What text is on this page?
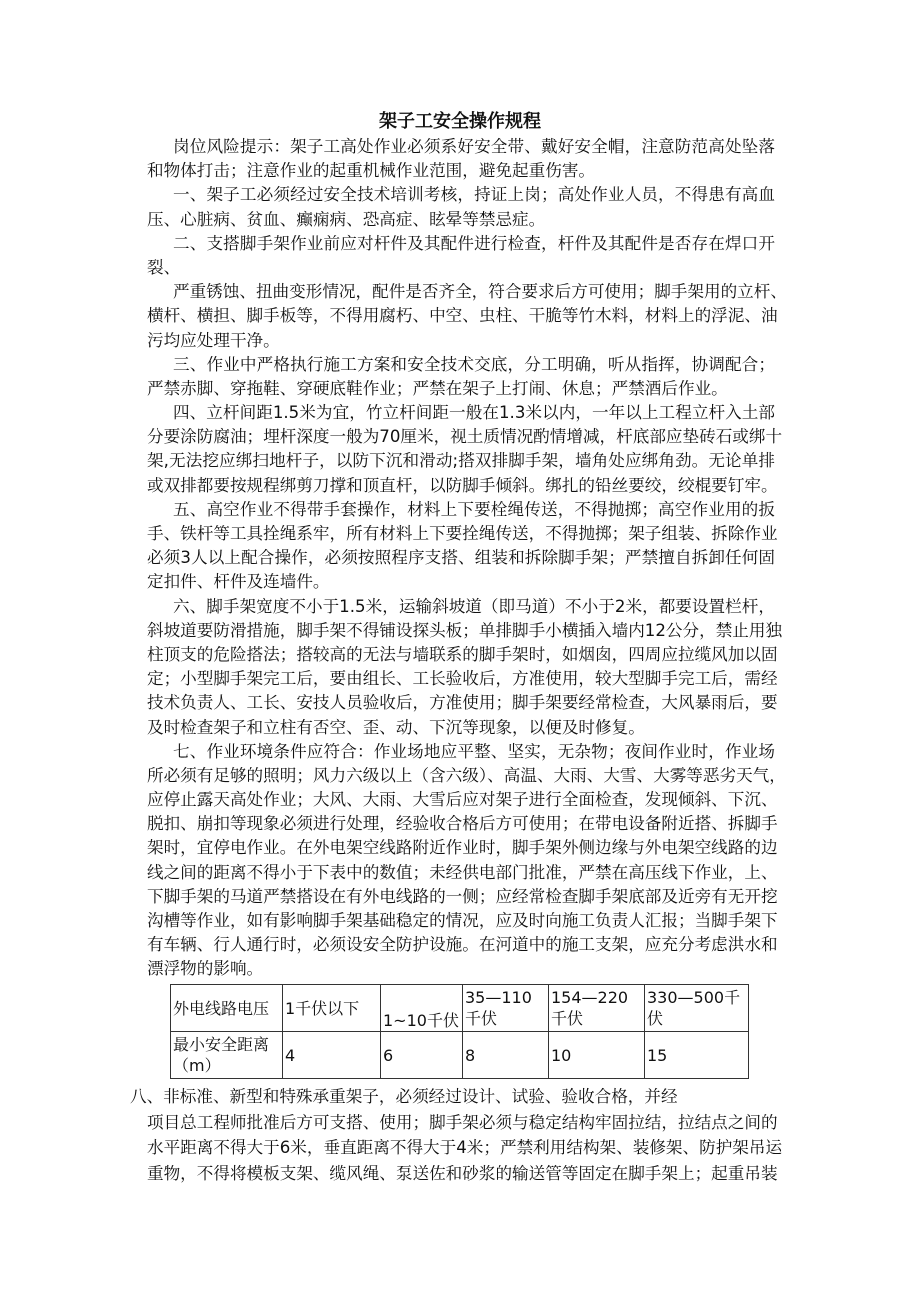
架子工安全操作规程
岗位风险提示：架子工高处作业必须系好安全带、戴好安全帽，注意防范高处坠落
和物体打击；注意作业的起重机械作业范围，避免起重伤害。
一、架子工必须经过安全技术培训考核，持证上岗；高处作业人员，不得患有高血
压、心脏病、贫血、癫痫病、恐高症、眩晕等禁忌症。
二、支搭脚手架作业前应对杆件及其配件进行检查，杆件及其配件是否存在焊口开
裂、
严重锈蚀、扭曲变形情况，配件是否齐全，符合要求后方可使用；脚手架用的立杆、
横杆、横担、脚手板等，不得用腐朽、中空、虫柱、干脆等竹木料，材料上的浮泥、油
污均应处理干净。
三、作业中严格执行施工方案和安全技术交底，分工明确，听从指挥，协调配合；
严禁赤脚、穿拖鞋、穿硬底鞋作业；严禁在架子上打闹、休息；严禁酒后作业。
四、立杆间距1.5米为宜，竹立杆间距一般在1.3米以内，一年以上工程立杆入土部
分要涂防腐油；埋杆深度一般为70厘米，视土质情况酌情增减，杆底部应垫砖石或绑十
架,无法挖应绑扫地杆子，以防下沉和滑动;搭双排脚手架，墙角处应绑角劲。无论单排
或双排都要按规程绑剪刀撑和顶直杆，以防脚手倾斜。绑扎的铅丝要绞，绞棍要钉牢。
五、高空作业不得带手套操作，材料上下要栓绳传送，不得抛掷；高空作业用的扳
手、铁杆等工具拴绳系牢，所有材料上下要拴绳传送，不得抛掷；架子组装、拆除作业
必须3人以上配合操作，必须按照程序支搭、组装和拆除脚手架；严禁擅自拆卸任何固
定扣件、杆件及连墙件。
六、脚手架宽度不小于1.5米，运输斜坡道（即马道）不小于2米，都要设置栏杆，
斜坡道要防滑措施，脚手架不得铺设探头板；单排脚手小横插入墙内12公分，禁止用独
柱顶支的危险搭法；搭较高的无法与墙联系的脚手架时，如烟囱，四周应拉缆风加以固
定；小型脚手架完工后，要由组长、工长验收后，方准使用，较大型脚手完工后，需经
技术负责人、工长、安技人员验收后，方准使用；脚手架要经常检查，大风暴雨后，要
及时检查架子和立柱有否空、歪、动、下沉等现象，以便及时修复。
七、作业环境条件应符合：作业场地应平整、坚实，无杂物；夜间作业时，作业场
所必须有足够的照明；风力六级以上（含六级）、高温、大雨、大雪、大雾等恶劣天气，
应停止露天高处作业；大风、大雨、大雪后应对架子进行全面检查，发现倾斜、下沉、
脱扣、崩扣等现象必须进行处理，经验收合格后方可使用；在带电设备附近搭、拆脚手
架时，宜停电作业。在外电架空线路附近作业时，脚手架外侧边缘与外电架空线路的边
线之间的距离不得小于下表中的数值；未经供电部门批准，严禁在高压线下作业，上、
下脚手架的马道严禁搭设在有外电线路的一侧；应经常检查脚手架底部及近旁有无开挖
沟槽等作业，如有影响脚手架基础稳定的情况，应及时向施工负责人汇报；当脚手架下
有车辆、行人通行时，必须设安全防护设施。在河道中的施工支架，应充分考虑洪水和
漂浮物的影响。
外电线路电压	1千伏以下	1~10千伏	35—110千伏	154—220千伏	330—500千伏
最小安全距离（m）	4	6	8	10	15
八、非标准、新型和特殊承重架子，必须经过设计、试验、验收合格，并经
项目总工程师批准后方可支搭、使用；脚手架必须与稳定结构牢固拉结，拉结点之间的
水平距离不得大于6米，垂直距离不得大于4米；严禁利用结构架、装修架、防护架吊运
重物，不得将模板支架、缆风绳、泵送佐和砂浆的输送管等固定在脚手架上；起重吊装
